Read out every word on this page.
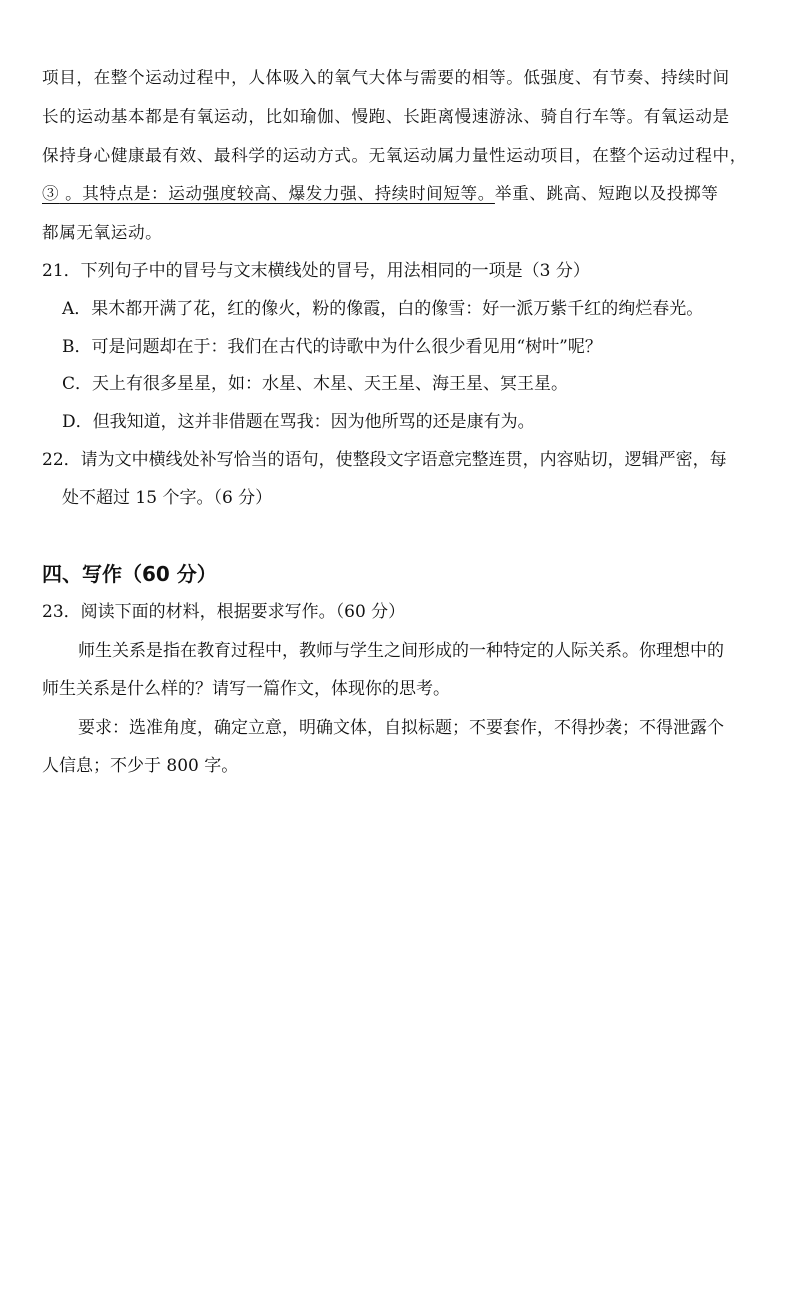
项目，在整个运动过程中，人体吸入的氧气大体与需要的相等。低强度、有节奏、持续时间
长的运动基本都是有氧运动，比如瑜伽、慢跑、长距离慢速游泳、骑自行车等。有氧运动是
保持身心健康最有效、最科学的运动方式。无氧运动属力量性运动项目，在整个运动过程中，
③ 。其特点是：运动强度较高、爆发力强、持续时间短等。举重、跳高、短跑以及投掷等
都属无氧运动。
21．下列句子中的冒号与文末横线处的冒号，用法相同的一项是（3 分）
A．果木都开满了花，红的像火，粉的像霞，白的像雪：好一派万紫千红的绚烂春光。
B．可是问题却在于：我们在古代的诗歌中为什么很少看见用“树叶”呢？
C．天上有很多星星，如：水星、木星、天王星、海王星、冥王星。
D．但我知道，这并非借题在骂我：因为他所骂的还是康有为。
22．请为文中横线处补写恰当的语句，使整段文字语意完整连贯，内容贴切，逻辑严密，每
处不超过 15 个字。（6 分）
四、写作（60 分）
23．阅读下面的材料，根据要求写作。（60 分）
师生关系是指在教育过程中，教师与学生之间形成的一种特定的人际关系。你理想中的
师生关系是什么样的？请写一篇作文，体现你的思考。
要求：选准角度，确定立意，明确文体，自拟标题；不要套作，不得抄袭；不得泄露个
人信息；不少于 800 字。
